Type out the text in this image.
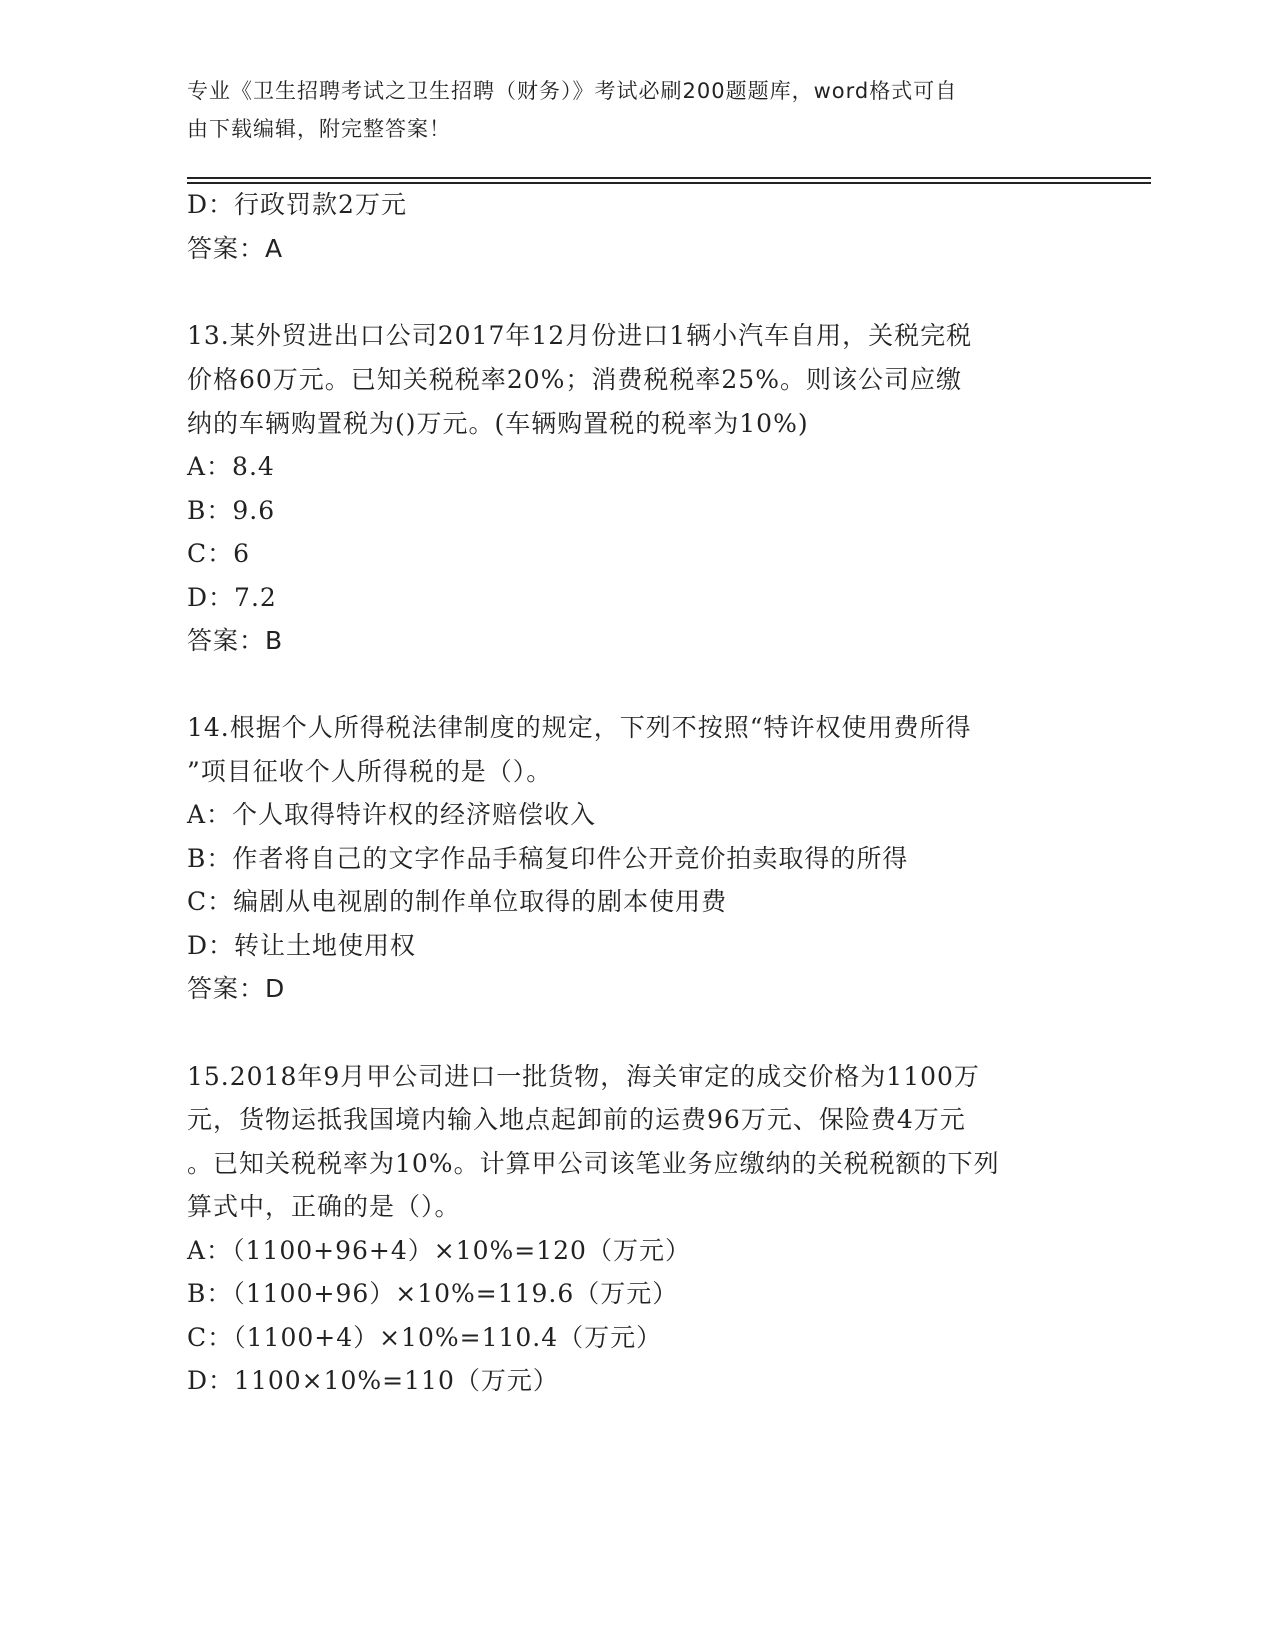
专业《卫生招聘考试之卫生招聘（财务）》考试必刷200题题库，word格式可自
由下载编辑，附完整答案！
D：行政罚款2万元
答案：A
13.某外贸进出口公司2017年12月份进口1辆小汽车自用，关税完税
价格60万元。已知关税税率20%；消费税税率25%。则该公司应缴
纳的车辆购置税为()万元。(车辆购置税的税率为10%)
A：8.4
B：9.6
C：6
D：7.2
答案：B
14.根据个人所得税法律制度的规定，下列不按照“特许权使用费所得
”项目征收个人所得税的是（）。
A：个人取得特许权的经济赔偿收入
B：作者将自己的文字作品手稿复印件公开竞价拍卖取得的所得
C：编剧从电视剧的制作单位取得的剧本使用费
D：转让土地使用权
答案：D
15.2018年9月甲公司进口一批货物，海关审定的成交价格为1100万
元，货物运抵我国境内输入地点起卸前的运费96万元、保险费4万元
。已知关税税率为10%。计算甲公司该笔业务应缴纳的关税税额的下列
算式中，正确的是（）。
A：（1100+96+4）×10%=120（万元）
B：（1100+96）×10%=119.6（万元）
C：（1100+4）×10%=110.4（万元）
D：1100×10%=110（万元）
